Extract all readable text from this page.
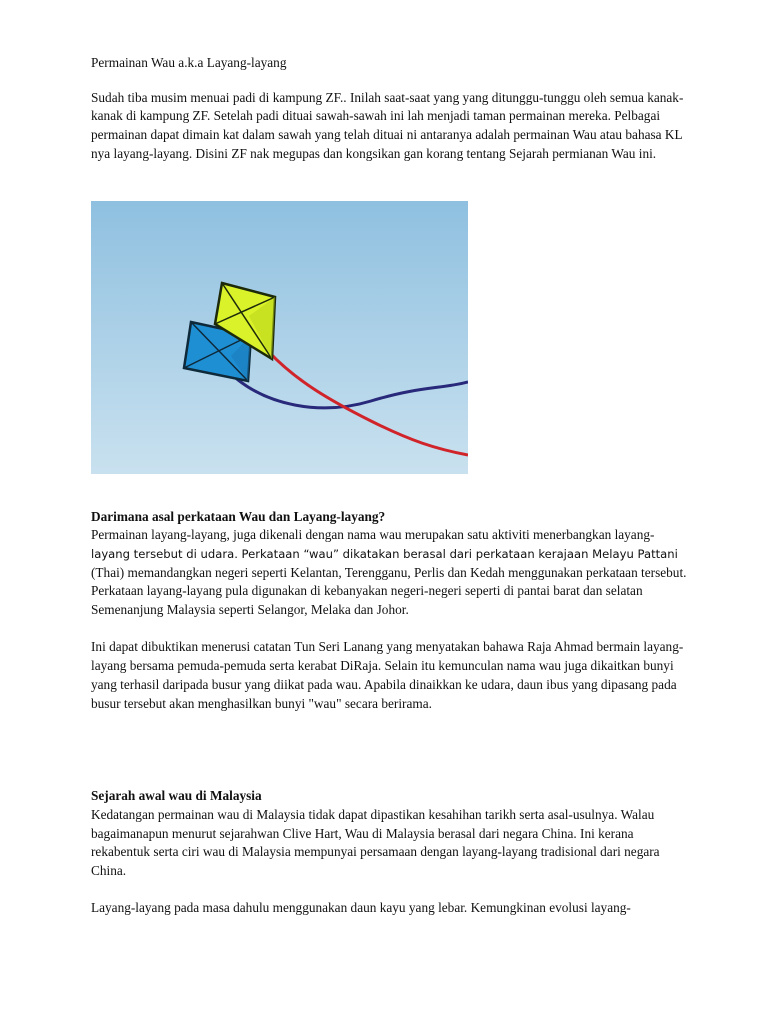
Permainan Wau a.k.a Layang-layang

Sudah tiba musim menuai padi di kampung ZF.. Inilah saat-saat yang yang ditunggu-tunggu oleh semua kanak-kanak di kampung ZF. Setelah padi dituai sawah-sawah ini lah menjadi taman permainan mereka. Pelbagai permainan dapat dimain kat dalam sawah yang telah dituai ni antaranya adalah permainan Wau atau bahasa KL nya layang-layang. Disini ZF nak megupas dan kongsikan gan korang tentang Sejarah permianan Wau ini.

Darimana asal perkataan Wau dan Layang-layang?

Permainan layang-layang, juga dikenali dengan nama wau merupakan satu aktiviti menerbangkan layang-

layang tersebut di udara. Perkataan “wau” dikatakan berasal dari perkataan kerajaan Melayu Pattani

(Thai) memandangkan negeri seperti Kelantan, Terengganu, Perlis dan Kedah menggunakan perkataan tersebut.

Perkataan layang-layang pula digunakan di kebanyakan negeri-negeri seperti di pantai barat dan selatan Semenanjung Malaysia seperti Selangor, Melaka dan Johor.

Ini dapat dibuktikan menerusi catatan Tun Seri Lanang yang menyatakan bahawa Raja Ahmad bermain layang-layang bersama pemuda-pemuda serta kerabat DiRaja. Selain itu kemunculan nama wau juga dikaitkan bunyi yang terhasil daripada busur yang diikat pada wau. Apabila dinaikkan ke udara, daun ibus yang dipasang pada busur tersebut akan menghasilkan bunyi "wau" secara berirama.

Sejarah awal wau di Malaysia

Kedatangan permainan wau di Malaysia tidak dapat dipastikan kesahihan tarikh serta asal-usulnya. Walau bagaimanapun menurut sejarahwan Clive Hart, Wau di Malaysia berasal dari negara China. Ini kerana rekabentuk serta ciri wau di Malaysia mempunyai persamaan dengan layang-layang tradisional dari negara China.

Layang-layang pada masa dahulu menggunakan daun kayu yang lebar. Kemungkinan evolusi layang-
